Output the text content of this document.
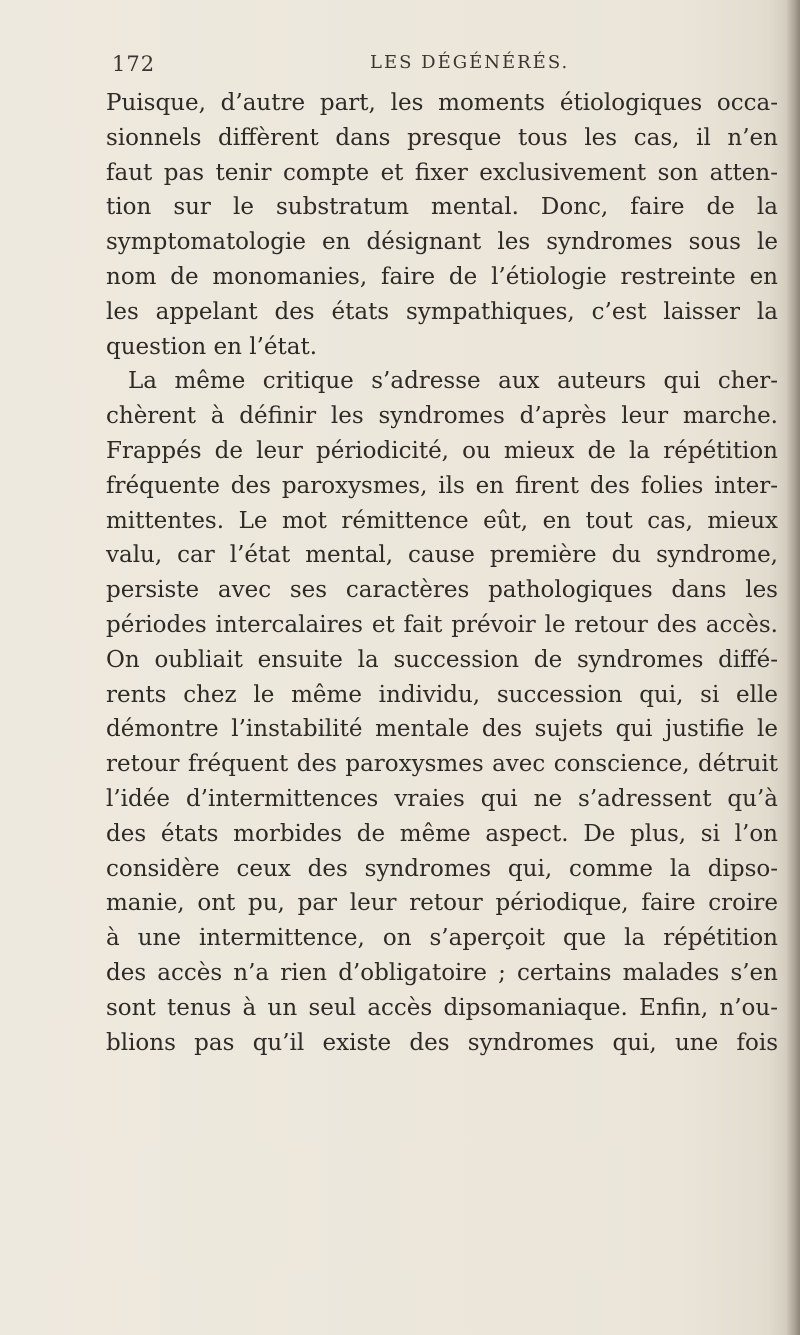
172	LES DÉGÉNÉRÉS.
Puisque, d’autre part, les moments étiologiques occa-
sionnels diffèrent dans presque tous les cas, il n’en
faut pas tenir compte et fixer exclusivement son atten-
tion sur le substratum mental. Donc, faire de la
symptomatologie en désignant les syndromes sous le
nom de monomanies, faire de l’étiologie restreinte en
les appelant des états sympathiques, c’est laisser la
question en l’état.
La même critique s’adresse aux auteurs qui cher-
chèrent à définir les syndromes d’après leur marche.
Frappés de leur périodicité, ou mieux de la répétition
fréquente des paroxysmes, ils en firent des folies inter-
mittentes. Le mot rémittence eût, en tout cas, mieux
valu, car l’état mental, cause première du syndrome,
persiste avec ses caractères pathologiques dans les
périodes intercalaires et fait prévoir le retour des accès.
On oubliait ensuite la succession de syndromes diffé-
rents chez le même individu, succession qui, si elle
démontre l’instabilité mentale des sujets qui justifie le
retour fréquent des paroxysmes avec conscience, détruit
l’idée d’intermittences vraies qui ne s’adressent qu’à
des états morbides de même aspect. De plus, si l’on
considère ceux des syndromes qui, comme la dipso-
manie, ont pu, par leur retour périodique, faire croire
à une intermittence, on s’aperçoit que la répétition
des accès n’a rien d’obligatoire ; certains malades s’en
sont tenus à un seul accès dipsomaniaque. Enfin, n’ou-
blions pas qu’il existe des syndromes qui, une fois
